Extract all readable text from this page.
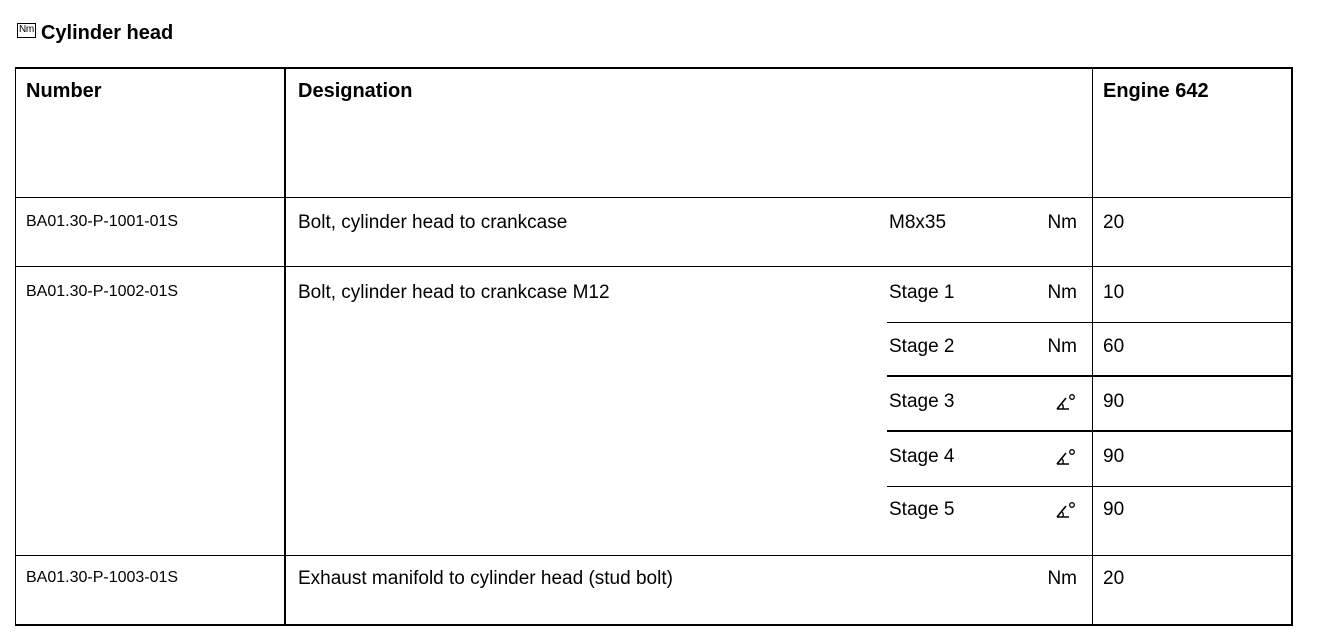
Nm Cylinder head
Number	Designation	Engine 642
BA01.30-P-1001-01S	Bolt, cylinder head to crankcase	M8x35	Nm 20
BA01.30-P-1002-01S	Bolt, cylinder head to crankcase M12	Stage 1	Nm 10
Stage 2	Nm 60
Stage 3	90
Stage 4	90
Stage 5	90
BA01.30-P-1003-01S	Exhaust manifold to cylinder head (stud bolt)	Nm 20
